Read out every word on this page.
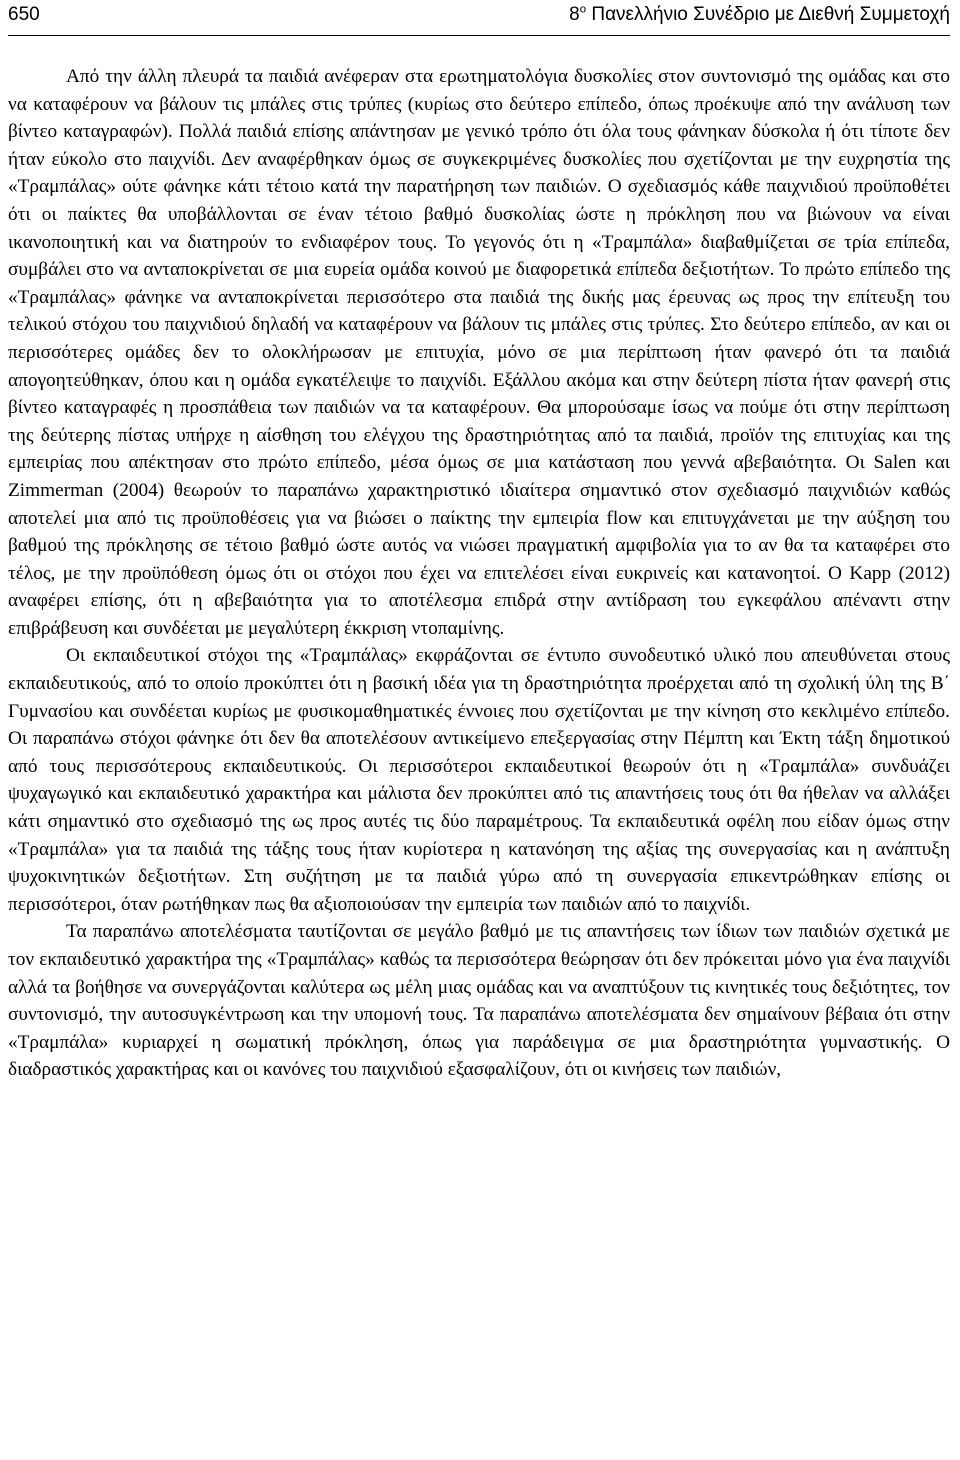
650	$8^o$ Πανελλήνιο Συνέδριο με Διεθνή Συμμετοχή

Από την άλλη πλευρά τα παιδιά ανέφεραν στα ερωτηματολόγια δυσκολίες στον συντονισμό της ομάδας και στο να καταφέρουν να βάλουν τις μπάλες στις τρύπες (κυρίως στο δεύτερο επίπεδο, όπως προέκυψε από την ανάλυση των βίντεο καταγραφών). Πολλά παιδιά επίσης απάντησαν με γενικό τρόπο ότι όλα τους φάνηκαν δύσκολα ή ότι τίποτε δεν ήταν εύκολο στο παιχνίδι. Δεν αναφέρθηκαν όμως σε συγκεκριμένες δυσκολίες που σχετίζονται με την ευχρηστία της «Τραμπάλας» ούτε φάνηκε κάτι τέτοιο κατά την παρατήρηση των παιδιών. Ο σχεδιασμός κάθε παιχνιδιού προϋποθέτει ότι οι παίκτες θα υποβάλλονται σε έναν τέτοιο βαθμό δυσκολίας ώστε η πρόκληση που να βιώνουν να είναι ικανοποιητική και να διατηρούν το ενδιαφέρον τους. Το γεγονός ότι η «Τραμπάλα» διαβαθμίζεται σε τρία επίπεδα, συμβάλει στο να ανταποκρίνεται σε μια ευρεία ομάδα κοινού με διαφορετικά επίπεδα δεξιοτήτων. Το πρώτο επίπεδο της «Τραμπάλας» φάνηκε να ανταποκρίνεται περισσότερο στα παιδιά της δικής μας έρευνας ως προς την επίτευξη του τελικού στόχου του παιχνιδιού δηλαδή να καταφέρουν να βάλουν τις μπάλες στις τρύπες. Στο δεύτερο επίπεδο, αν και οι περισσότερες ομάδες δεν το ολοκλήρωσαν με επιτυχία, μόνο σε μια περίπτωση ήταν φανερό ότι τα παιδιά απογοητεύθηκαν, όπου και η ομάδα εγκατέλειψε το παιχνίδι. Εξάλλου ακόμα και στην δεύτερη πίστα ήταν φανερή στις βίντεο καταγραφές η προσπάθεια των παιδιών να τα καταφέρουν. Θα μπορούσαμε ίσως να πούμε ότι στην περίπτωση της δεύτερης πίστας υπήρχε η αίσθηση του ελέγχου της δραστηριότητας από τα παιδιά, προϊόν της επιτυχίας και της εμπειρίας που απέκτησαν στο πρώτο επίπεδο, μέσα όμως σε μια κατάσταση που γεννά αβεβαιότητα. Οι Salen και Zimmerman (2004) θεωρούν το παραπάνω χαρακτηριστικό ιδιαίτερα σημαντικό στον σχεδιασμό παιχνιδιών καθώς αποτελεί μια από τις προϋποθέσεις για να βιώσει ο παίκτης την εμπειρία flow και επιτυγχάνεται με την αύξηση του βαθμού της πρόκλησης σε τέτοιο βαθμό ώστε αυτός να νιώσει πραγματική αμφιβολία για το αν θα τα καταφέρει στο τέλος, με την προϋπόθεση όμως ότι οι στόχοι που έχει να επιτελέσει είναι ευκρινείς και κατανοητοί. Ο Kapp (2012) αναφέρει επίσης, ότι η αβεβαιότητα για το αποτέλεσμα επιδρά στην αντίδραση του εγκεφάλου απέναντι στην επιβράβευση και συνδέεται με μεγαλύτερη έκκριση ντοπαμίνης.

Οι εκπαιδευτικοί στόχοι της «Τραμπάλας» εκφράζονται σε έντυπο συνοδευτικό υλικό που απευθύνεται στους εκπαιδευτικούς, από το οποίο προκύπτει ότι η βασική ιδέα για τη δραστηριότητα προέρχεται από τη σχολική ύλη της Β΄ Γυμνασίου και συνδέεται κυρίως με φυσικομαθηματικές έννοιες που σχετίζονται με την κίνηση στο κεκλιμένο επίπεδο. Οι παραπάνω στόχοι φάνηκε ότι δεν θα αποτελέσουν αντικείμενο επεξεργασίας στην Πέμπτη και Έκτη τάξη δημοτικού από τους περισσότερους εκπαιδευτικούς. Οι περισσότεροι εκπαιδευτικοί θεωρούν ότι η «Τραμπάλα» συνδυάζει ψυχαγωγικό και εκπαιδευτικό χαρακτήρα και μάλιστα δεν προκύπτει από τις απαντήσεις τους ότι θα ήθελαν να αλλάξει κάτι σημαντικό στο σχεδιασμό της ως προς αυτές τις δύο παραμέτρους. Τα εκπαιδευτικά οφέλη που είδαν όμως στην «Τραμπάλα» για τα παιδιά της τάξης τους ήταν κυρίοτερα η κατανόηση της αξίας της συνεργασίας και η ανάπτυξη ψυχοκινητικών δεξιοτήτων. Στη συζήτηση με τα παιδιά γύρω από τη συνεργασία επικεντρώθηκαν επίσης οι περισσότεροι, όταν ρωτήθηκαν πως θα αξιοποιούσαν την εμπειρία των παιδιών από το παιχνίδι.

Τα παραπάνω αποτελέσματα ταυτίζονται σε μεγάλο βαθμό με τις απαντήσεις των ίδιων των παιδιών σχετικά με τον εκπαιδευτικό χαρακτήρα της «Τραμπάλας» καθώς τα περισσότερα θεώρησαν ότι δεν πρόκειται μόνο για ένα παιχνίδι αλλά τα βοήθησε να συνεργάζονται καλύτερα ως μέλη μιας ομάδας και να αναπτύξουν τις κινητικές τους δεξιότητες, τον συντονισμό, την αυτοσυγκέντρωση και την υπομονή τους. Τα παραπάνω αποτελέσματα δεν σημαίνουν βέβαια ότι στην «Τραμπάλα» κυριαρχεί η σωματική πρόκληση, όπως για παράδειγμα σε μια δραστηριότητα γυμναστικής. Ο διαδραστικός χαρακτήρας και οι κανόνες του παιχνιδιού εξασφαλίζουν, ότι οι κινήσεις των παιδιών,
